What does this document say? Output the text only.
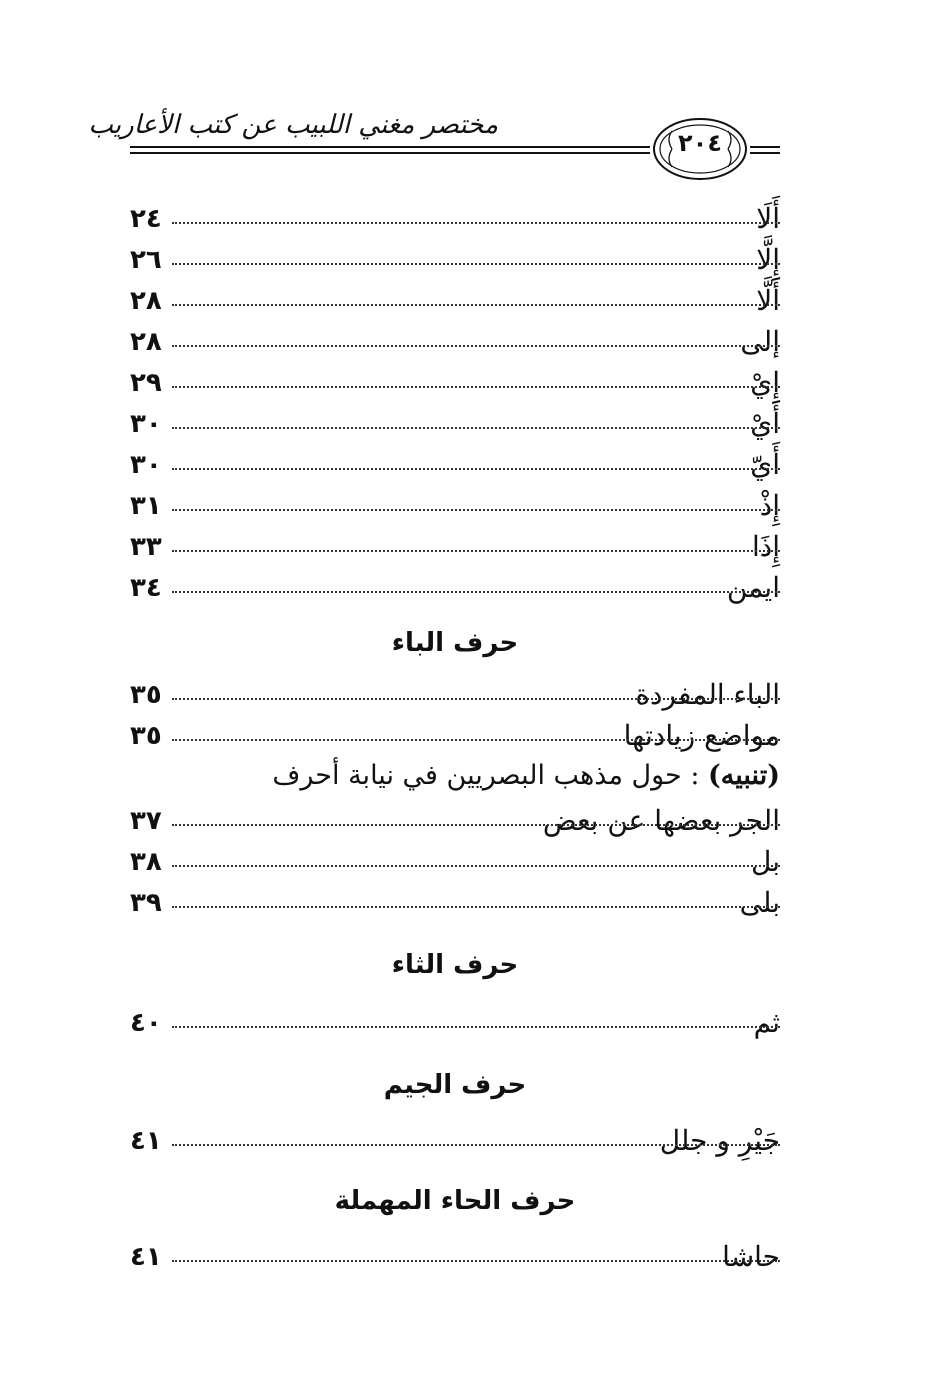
مختصر مغني اللبيب عن كتب الأعاريب
٢٠٤
أَلَا
٢٤
إِلَّا
٢٦
أَلَّا
٢٨
إلى
٢٨
إِيْ
٢٩
أَيْ
٣٠
أَيّ
٣٠
إِذْ
٣١
إِذَا
٣٣
ايمن
٣٤
حرف الباء
الباء المفردة
٣٥
مواضع زيادتها
٣٥
(تنبيه) : حول مذهب البصريين في نيابة أحرف
الجر بعضها عن بعض
٣٧
بل
٣٨
بلى
٣٩
حرف الثاء
ثم
٤٠
حرف الجيم
جَيْرِ و جلل
٤١
حرف الحاء المهملة
حاشا
٤١
